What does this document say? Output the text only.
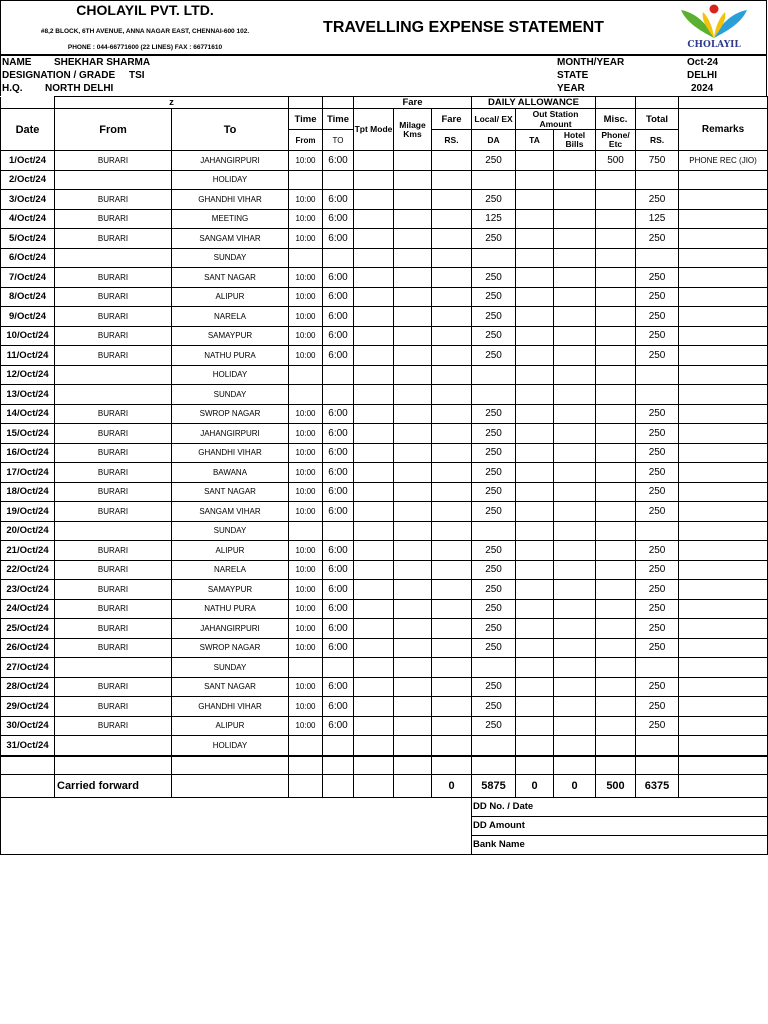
CHOLAYIL PVT. LTD.
#8,2 BLOCK, 6TH AVENUE, ANNA NAGAR EAST, CHENNAI-600 102.
PHONE : 044-66771600 (22 LINES) FAX : 66771610
TRAVELLING EXPENSE STATEMENT
CHOLAYIL
NAME SHEKHAR SHARMA
DESIGNATION / GRADE TSI
H.Q. NORTH DELHI
MONTH/YEAR	Oct-24
STATE	DELHI
YEAR	2024
	z				Fare			DAILY ALLOWANCE					
Date	From	To	Time	Time	Tpt Mode	Milage Kms	Fare	Local/ EX	Out Station Amount		Misc.	Total	Remarks
			From	TO			RS.	DA	TA	Hotel Bills	Phone/ Etc	RS.	
1/Oct/24	BURARI	JAHANGIRPURI	10:00	6:00				250			500	750	PHONE REC (JIO)
2/Oct/24		HOLIDAY											
3/Oct/24	BURARI	GHANDHI VIHAR	10:00	6:00				250				250	
4/Oct/24	BURARI	MEETING	10:00	6:00				125				125	
5/Oct/24	BURARI	SANGAM VIHAR	10:00	6:00				250				250	
6/Oct/24		SUNDAY											
7/Oct/24	BURARI	SANT NAGAR	10:00	6:00				250				250	
8/Oct/24	BURARI	ALIPUR	10:00	6:00				250				250	
9/Oct/24	BURARI	NARELA	10:00	6:00				250				250	
10/Oct/24	BURARI	SAMAYPUR	10:00	6:00				250				250	
11/Oct/24	BURARI	NATHU PURA	10:00	6:00				250				250	
12/Oct/24		HOLIDAY											
13/Oct/24		SUNDAY											
14/Oct/24	BURARI	SWROP NAGAR	10:00	6:00				250				250	
15/Oct/24	BURARI	JAHANGIRPURI	10:00	6:00				250				250	
16/Oct/24	BURARI	GHANDHI VIHAR	10:00	6:00				250				250	
17/Oct/24	BURARI	BAWANA	10:00	6:00				250				250	
18/Oct/24	BURARI	SANT NAGAR	10:00	6:00				250				250	
19/Oct/24	BURARI	SANGAM VIHAR	10:00	6:00				250				250	
20/Oct/24		SUNDAY											
21/Oct/24	BURARI	ALIPUR	10:00	6:00				250				250	
22/Oct/24	BURARI	NARELA	10:00	6:00				250				250	
23/Oct/24	BURARI	SAMAYPUR	10:00	6:00				250				250	
24/Oct/24	BURARI	NATHU PURA	10:00	6:00				250				250	
25/Oct/24	BURARI	JAHANGIRPURI	10:00	6:00				250				250	
26/Oct/24	BURARI	SWROP NAGAR	10:00	6:00				250				250	
27/Oct/24		SUNDAY											
28/Oct/24	BURARI	SANT NAGAR	10:00	6:00				250				250	
29/Oct/24	BURARI	GHANDHI VIHAR	10:00	6:00				250				250	
30/Oct/24	BURARI	ALIPUR	10:00	6:00				250				250	
31/Oct/24		HOLIDAY											

	Carried forward						0	5875	0	0	500	6375	
								DD No. / Date					
								DD Amount					
								Bank Name					
